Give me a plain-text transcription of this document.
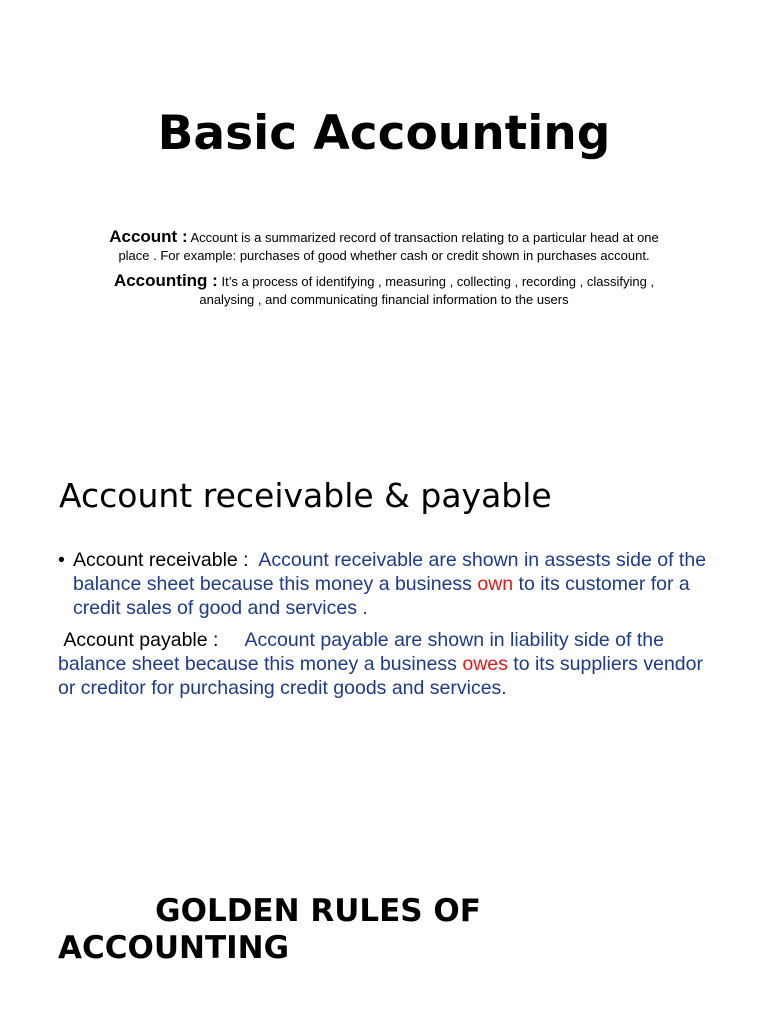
Basic Accounting

Account : Account is a summarized record of transaction relating to a particular head at one place . For example: purchases of good whether cash or credit shown in purchases account.

Accounting : It’s a process of identifying , measuring , collecting , recording , classifying , analysing , and communicating financial information to the users

Account receivable & payable

• Account receivable : Account receivable are shown in assests side of the balance sheet because this money a business own to its customer for a credit sales of good and services .

Account payable : Account payable are shown in liability side of the balance sheet because this money a business owes to its suppliers vendor or creditor for purchasing credit goods and services.

GOLDEN RULES OF
ACCOUNTING
